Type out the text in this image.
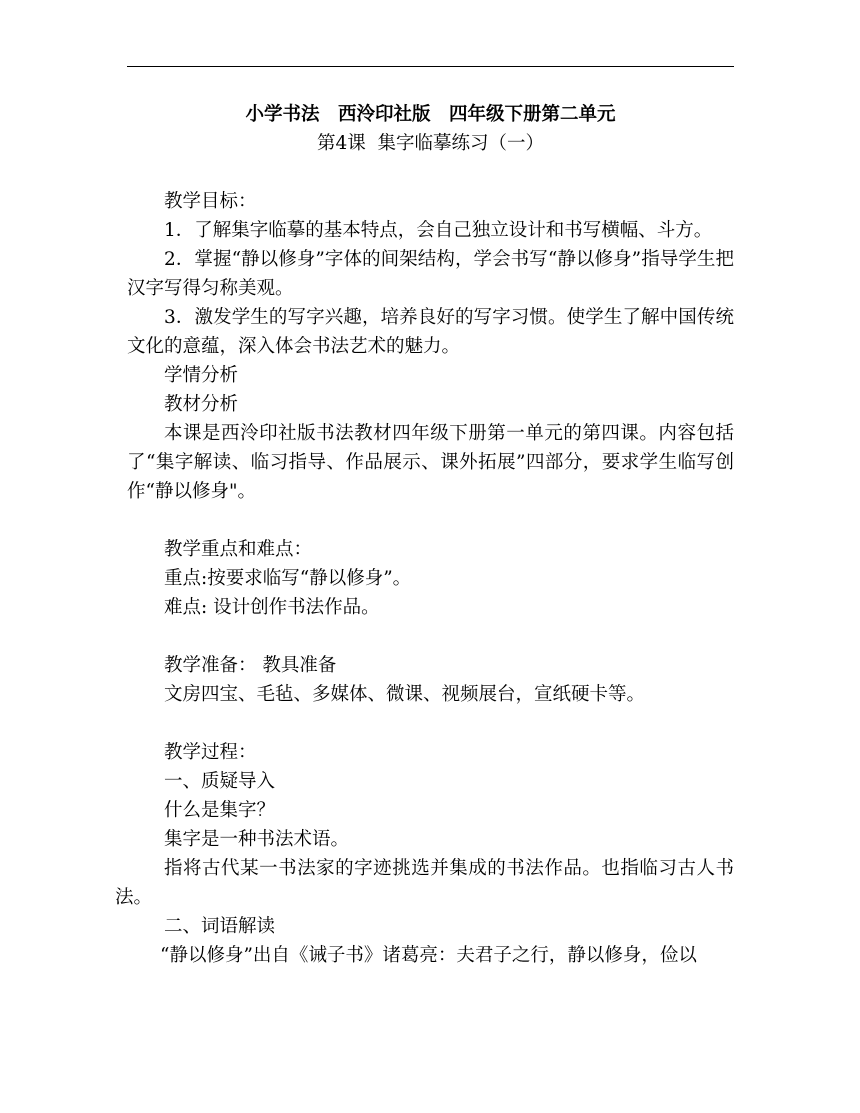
小学书法　西泠印社版　四年级下册第二单元
第4课  集字临摹练习（一）
教学目标：
1．了解集字临摹的基本特点，会自己独立设计和书写横幅、斗方。
2．掌握“静以修身”字体的间架结构，学会书写“静以修身”指导学生把汉字写得匀称美观。
3．激发学生的写字兴趣，培养良好的写字习惯。使学生了解中国传统文化的意蕴，深入体会书法艺术的魅力。
学情分析
教材分析
本课是西泠印社版书法教材四年级下册第一单元的第四课。内容包括了“集字解读、临习指导、作品展示、课外拓展”四部分，要求学生临写创作“静以修身"。
教学重点和难点：
重点:按要求临写“静以修身”。
难点: 设计创作书法作品。
教学准备： 教具准备
文房四宝、毛毡、多媒体、微课、视频展台，宣纸硬卡等。
教学过程：
一、质疑导入
什么是集字？
集字是一种书法术语。
指将古代某一书法家的字迹挑选并集成的书法作品。也指临习古人书法。
二、词语解读
“静以修身”出自《诫子书》诸葛亮：夫君子之行，静以修身，俭以
